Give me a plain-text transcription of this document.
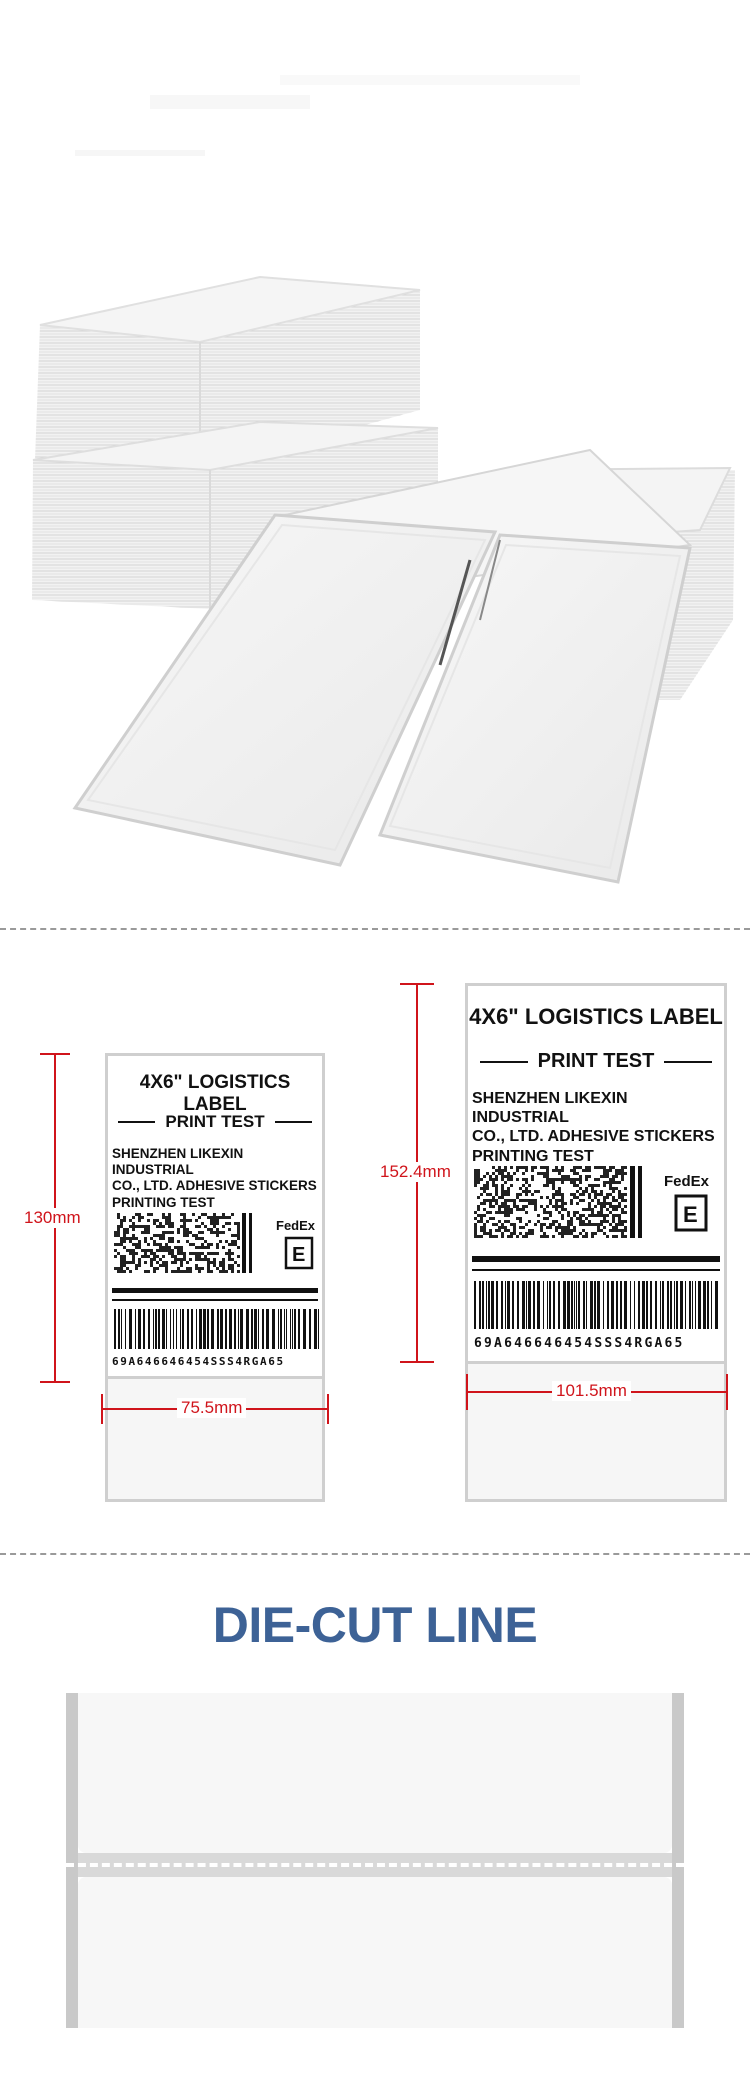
130mm
4X6" LOGISTICS LABEL
PRINT TEST
SHENZHEN LIKEXIN INDUSTRIAL
CO., LTD. ADHESIVE STICKERS
PRINTING TEST
FedEx
E
69A646646454SSS4RGA65
75.5mm
152.4mm
4X6" LOGISTICS LABEL
PRINT TEST
SHENZHEN LIKEXIN INDUSTRIAL
CO., LTD. ADHESIVE STICKERS
PRINTING TEST
FedEx
E
69A646646454SSS4RGA65
101.5mm
DIE-CUT LINE
